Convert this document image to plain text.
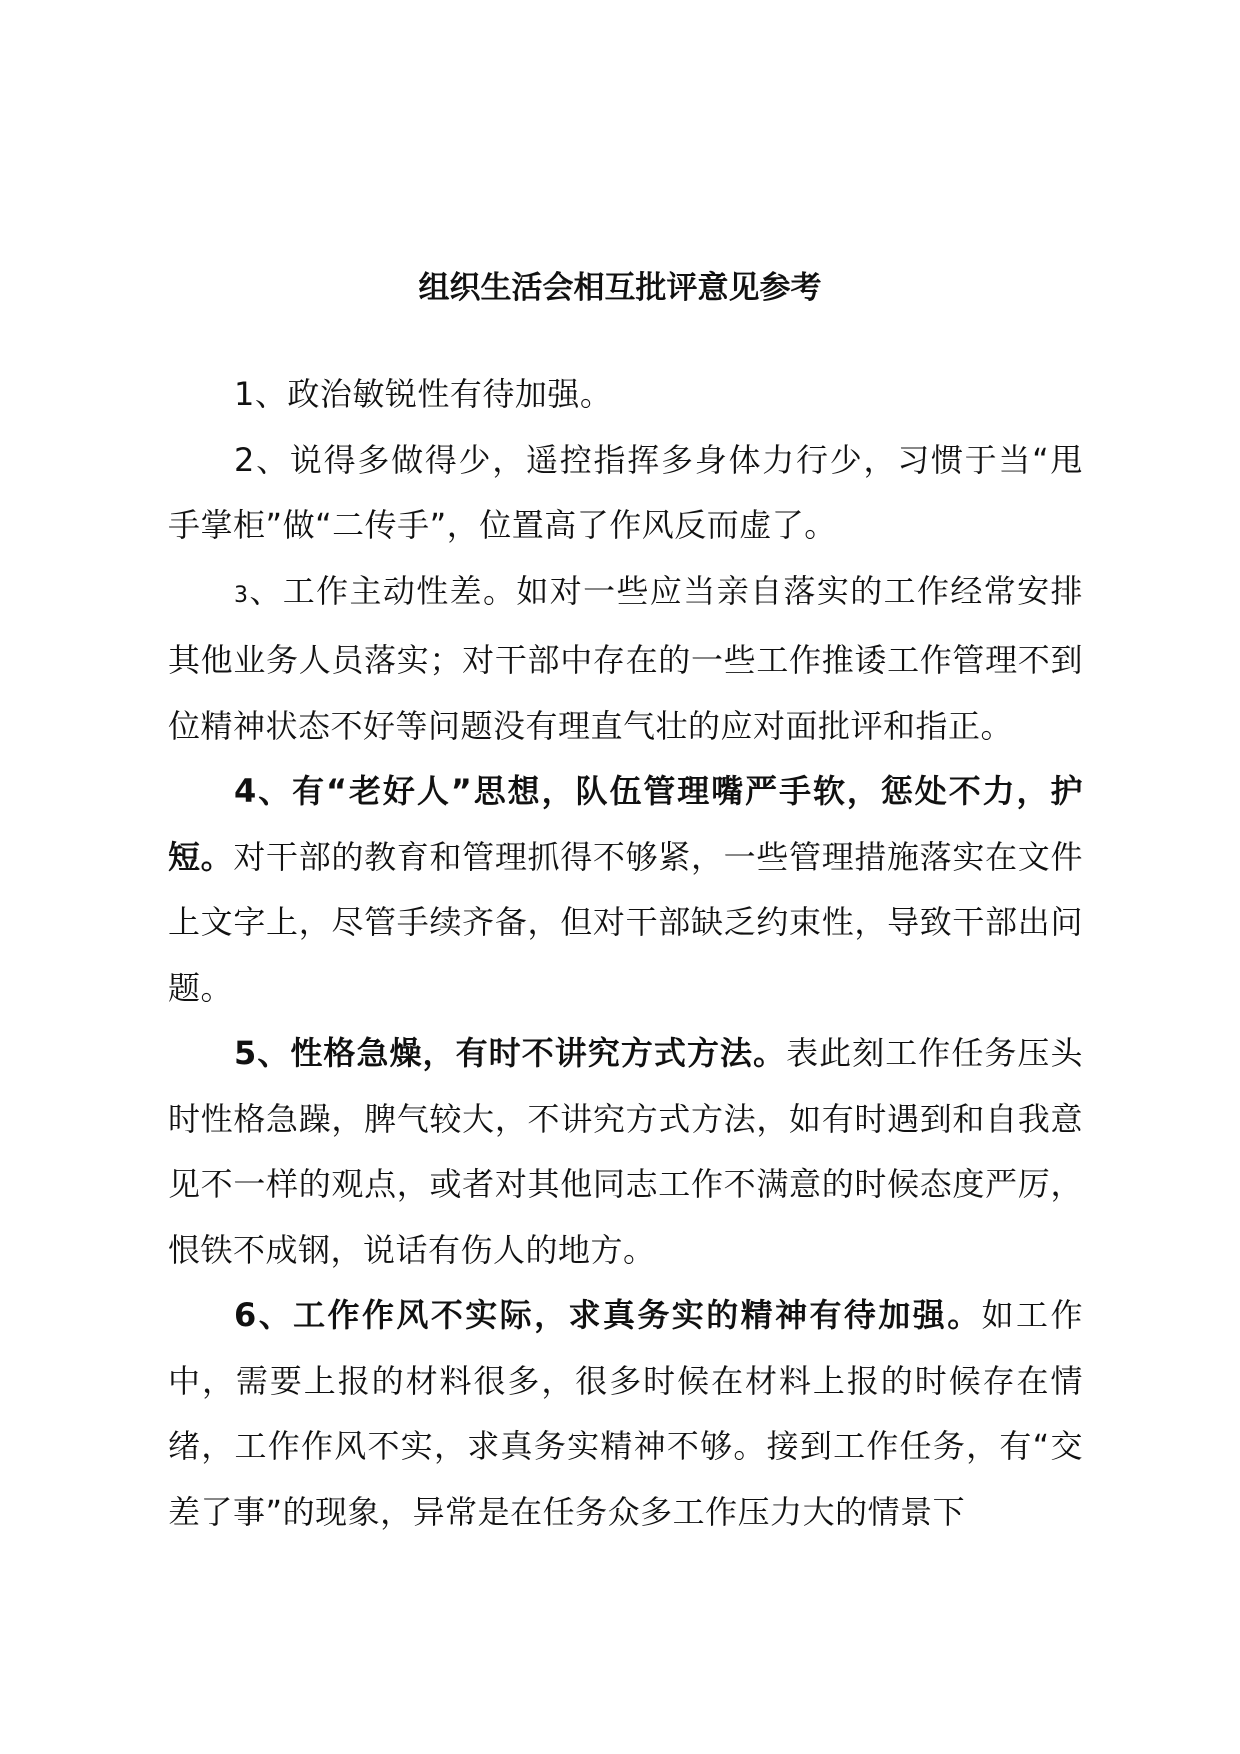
组织生活会相互批评意见参考

1、政治敏锐性有待加强。

2、说得多做得少，遥控指挥多身体力行少，习惯于当“甩手掌柜”做“二传手”，位置高了作风反而虚了。

3、工作主动性差。如对一些应当亲自落实的工作经常安排其他业务人员落实；对干部中存在的一些工作推诿工作管理不到位精神状态不好等问题没有理直气壮的应对面批评和指正。

4、有“老好人”思想，队伍管理嘴严手软，惩处不力，护短。对干部的教育和管理抓得不够紧，一些管理措施落实在文件上文字上，尽管手续齐备，但对干部缺乏约束性，导致干部出问题。

5、性格急燥，有时不讲究方式方法。表此刻工作任务压头时性格急躁，脾气较大，不讲究方式方法，如有时遇到和自我意见不一样的观点，或者对其他同志工作不满意的时候态度严厉，恨铁不成钢，说话有伤人的地方。

6、工作作风不实际，求真务实的精神有待加强。如工作中，需要上报的材料很多，很多时候在材料上报的时候存在情绪，工作作风不实，求真务实精神不够。接到工作任务，有“交差了事”的现象，异常是在任务众多工作压力大的情景下
